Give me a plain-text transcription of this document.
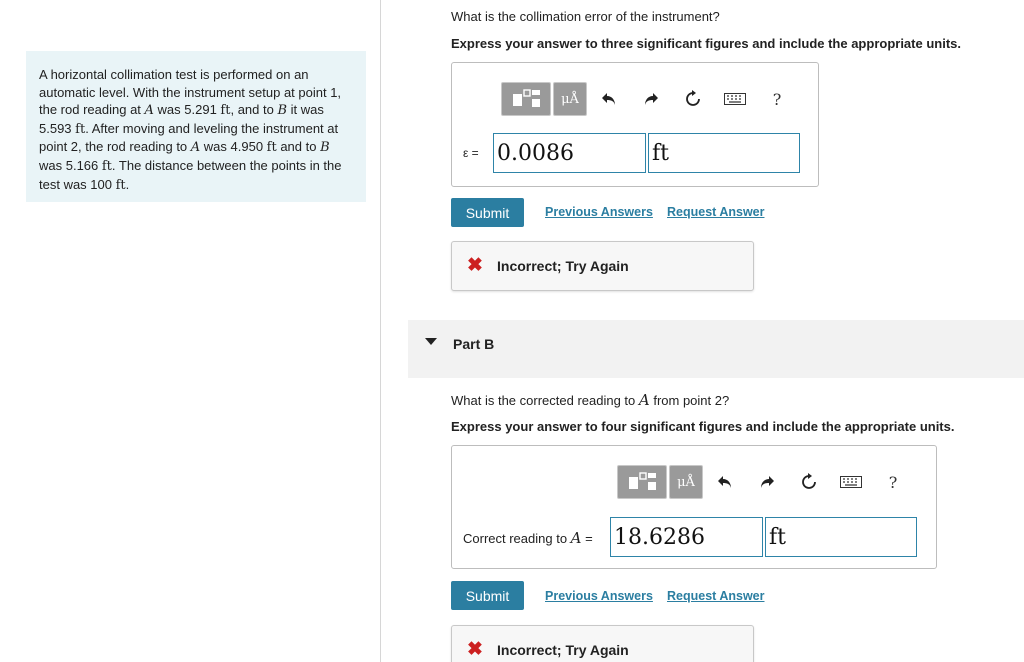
A horizontal collimation test is performed on an automatic level. With the instrument setup at point 1, the rod reading at A was 5.291 ft, and to B it was 5.593 ft. After moving and leveling the instrument at point 2, the rod reading to A was 4.950 ft and to B was 5.166 ft. The distance between the points in the test was 100 ft.
What is the collimation error of the instrument?
Express your answer to three significant figures and include the appropriate units.
μÅ	?
ε = 0.0086	ft
Submit	Previous Answers Request Answer
✖ Incorrect; Try Again
Part B
What is the corrected reading to A from point 2?
Express your answer to four significant figures and include the appropriate units.
μÅ	?
Correct reading to A = 18.6286	ft
Submit	Previous Answers Request Answer
✖ Incorrect; Try Again
